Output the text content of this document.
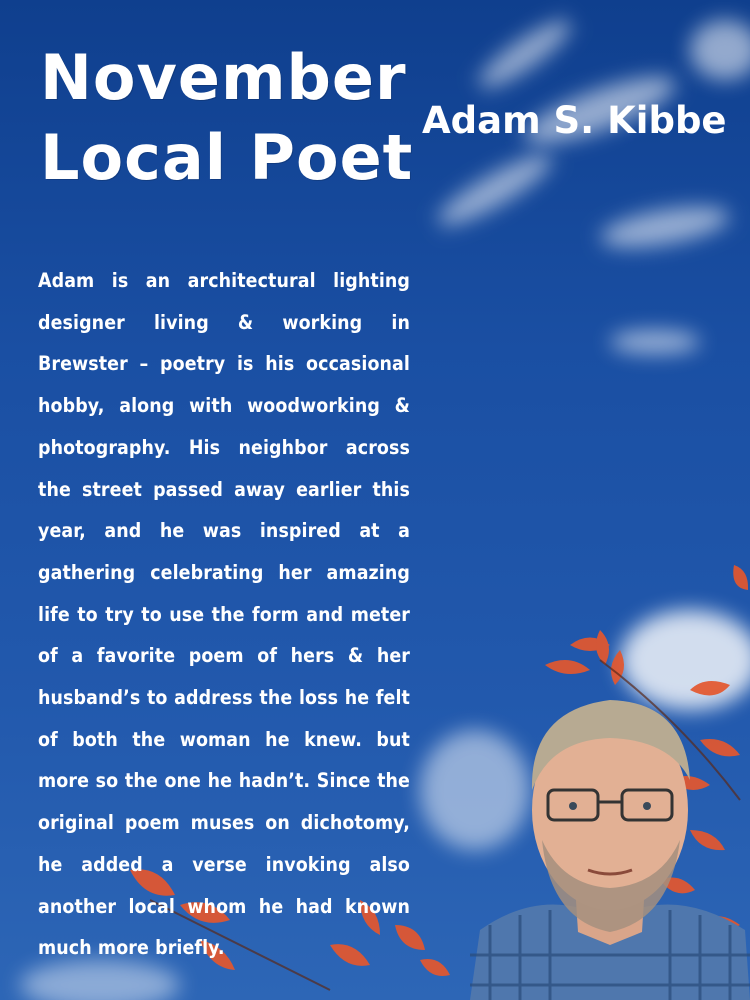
November
Local Poet
Adam S. Kibbe
Adam is an architectural lighting designer living & working in Brewster – poetry is his occasional hobby, along with woodworking & photography. His neighbor across the street passed away earlier this year, and he was inspired at a gathering celebrating her amazing life to try to use the form and meter of a favorite poem of hers & her husband’s to address the loss he felt of both the woman he knew. but more so the one he hadn’t. Since the original poem muses on dichotomy, he added a verse invoking also another local whom he had known much more briefly.
